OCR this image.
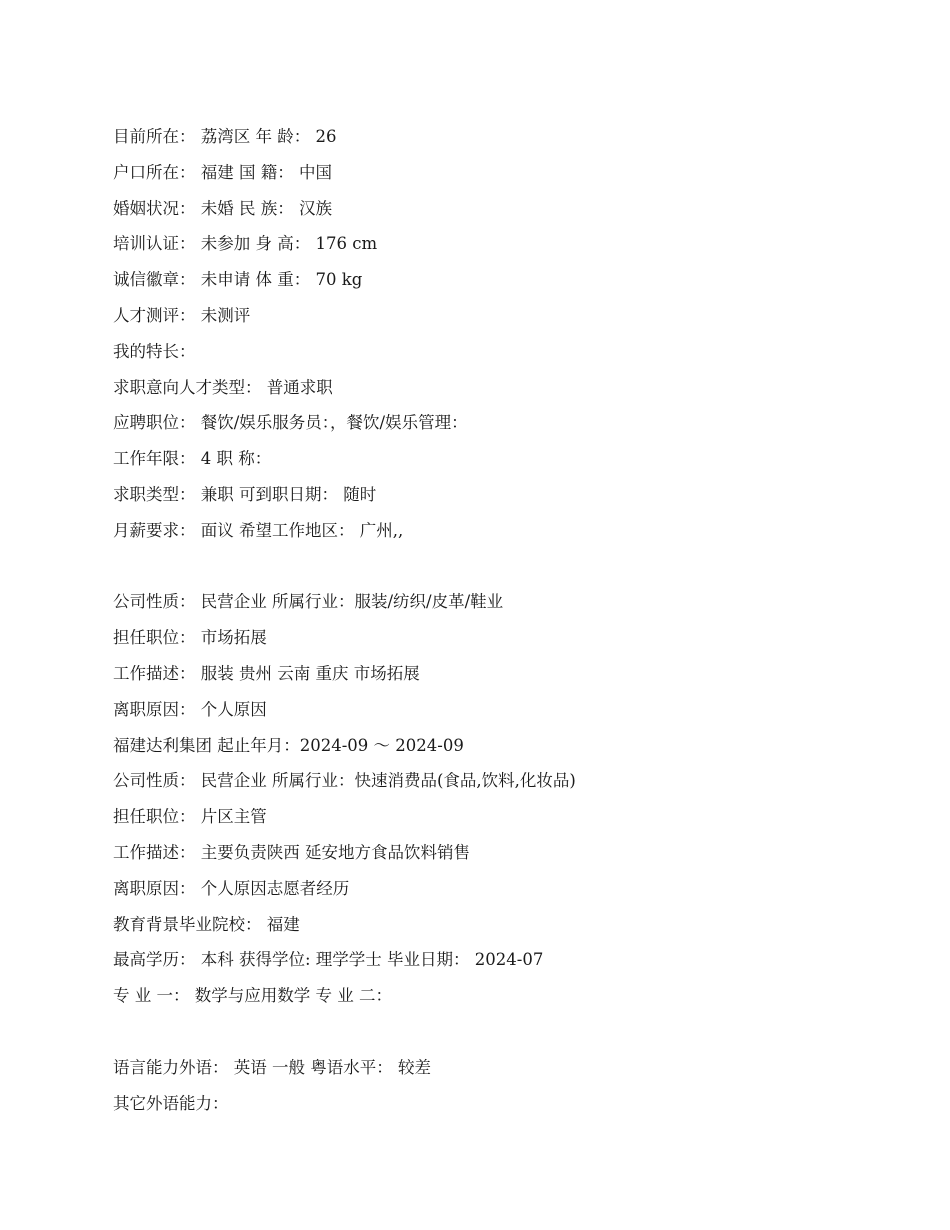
目前所在： 荔湾区 年 龄： 26
户口所在： 福建 国 籍： 中国
婚姻状况： 未婚 民 族： 汉族
培训认证： 未参加 身 高： 176 cm
诚信徽章： 未申请 体 重： 70 kg
人才测评： 未测评
我的特长：
求职意向人才类型： 普通求职
应聘职位： 餐饮/娱乐服务员：，餐饮/娱乐管理：
工作年限： 4 职 称：
求职类型： 兼职 可到职日期： 随时
月薪要求： 面议 希望工作地区： 广州,,
公司性质： 民营企业 所属行业：服装/纺织/皮革/鞋业
担任职位： 市场拓展
工作描述： 服装 贵州 云南 重庆 市场拓展
离职原因： 个人原因
福建达利集团 起止年月：2024-09 ～ 2024-09
公司性质： 民营企业 所属行业：快速消费品(食品,饮料,化妆品)
担任职位： 片区主管
工作描述： 主要负责陕西 延安地方食品饮料销售
离职原因： 个人原因志愿者经历
教育背景毕业院校： 福建
最高学历： 本科 获得学位: 理学学士 毕业日期： 2024-07
专 业 一： 数学与应用数学 专 业 二：
语言能力外语： 英语 一般 粤语水平： 较差
其它外语能力：
